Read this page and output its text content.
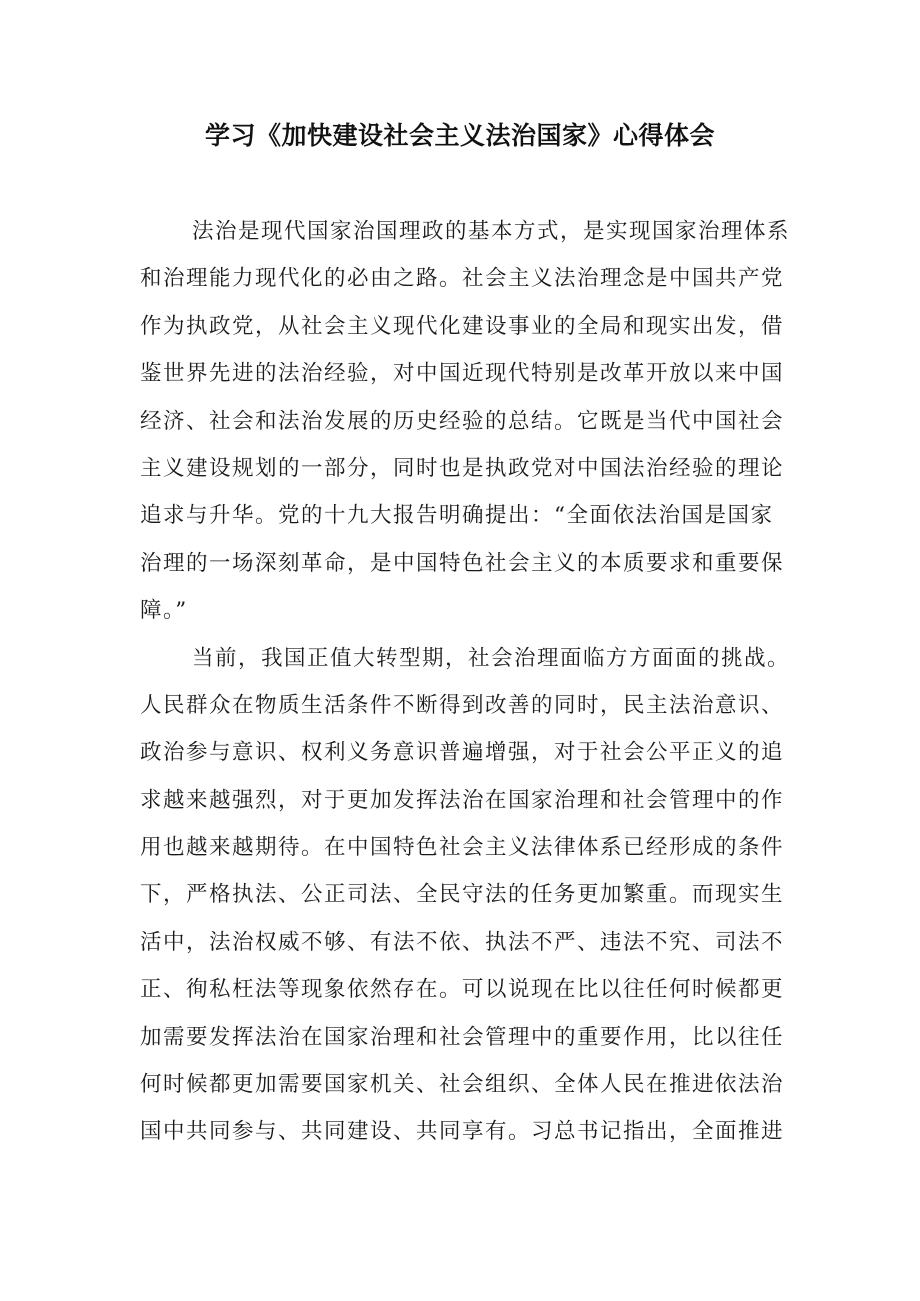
学习《加快建设社会主义法治国家》心得体会
法治是现代国家治国理政的基本方式，是实现国家治理体系
和治理能力现代化的必由之路。社会主义法治理念是中国共产党
作为执政党，从社会主义现代化建设事业的全局和现实出发，借
鉴世界先进的法治经验，对中国近现代特别是改革开放以来中国
经济、社会和法治发展的历史经验的总结。它既是当代中国社会
主义建设规划的一部分，同时也是执政党对中国法治经验的理论
追求与升华。党的十九大报告明确提出：“全面依法治国是国家
治理的一场深刻革命，是中国特色社会主义的本质要求和重要保
障。”
当前，我国正值大转型期，社会治理面临方方面面的挑战。
人民群众在物质生活条件不断得到改善的同时，民主法治意识、
政治参与意识、权利义务意识普遍增强，对于社会公平正义的追
求越来越强烈，对于更加发挥法治在国家治理和社会管理中的作
用也越来越期待。在中国特色社会主义法律体系已经形成的条件
下，严格执法、公正司法、全民守法的任务更加繁重。而现实生
活中，法治权威不够、有法不依、执法不严、违法不究、司法不
正、徇私枉法等现象依然存在。可以说现在比以往任何时候都更
加需要发挥法治在国家治理和社会管理中的重要作用，比以往任
何时候都更加需要国家机关、社会组织、全体人民在推进依法治
国中共同参与、共同建设、共同享有。习总书记指出，全面推进
